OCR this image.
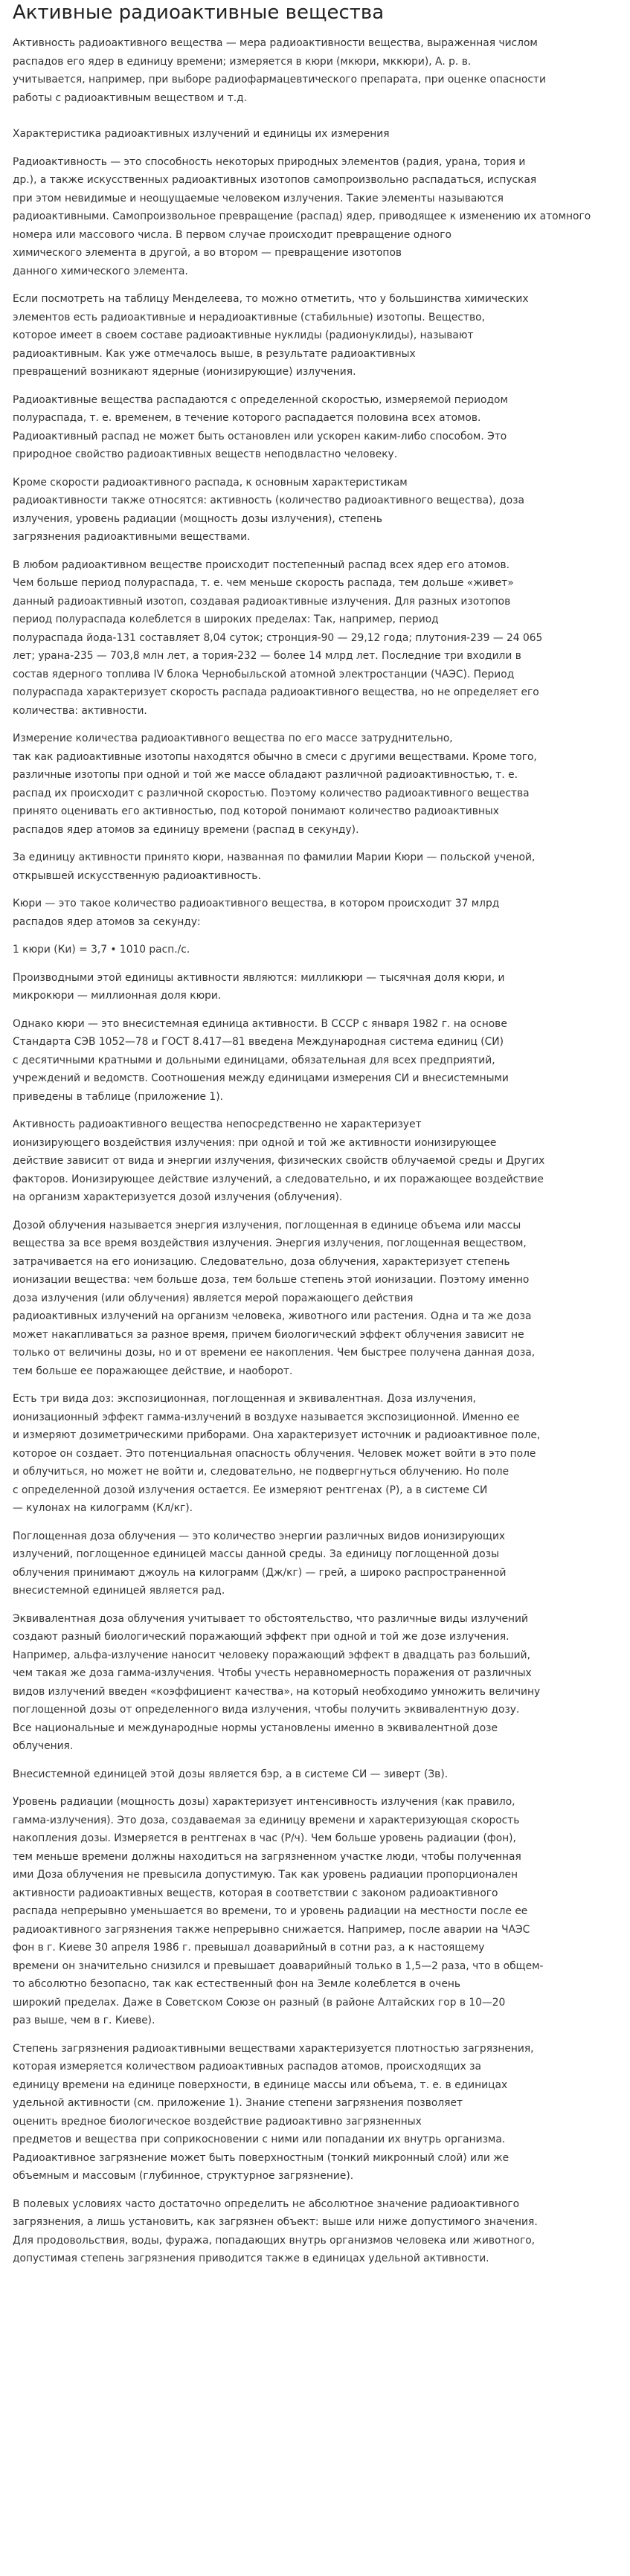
Активные радиоактивные вещества

Активность радиоактивного вещества — мера радиоактивности вещества, выраженная числом
распадов его ядер в единицу времени; измеряется в кюри (мкюри, мккюри), А. р. в.
учитывается, например, при выборе радиофармацевтического препарата, при оценке опасности
работы с радиоактивным веществом и т.д.

Характеристика радиоактивных излучений и единицы их измерения

Радиоактивность — это способность некоторых природных элементов (радия, урана, тория и
др.), а также искусственных радиоактивных изотопов самопроизвольно распадаться, испуская
при этом невидимые и неощущаемые человеком излучения. Такие элементы называются
радиоактивными. Самопроизвольное превращение (распад) ядер, приводящее к изменению их атомного
номера или массового числа. В первом случае происходит превращение одного
химического элемента в другой, а во втором — превращение изотопов
данного химического элемента.

Если посмотреть на таблицу Менделеева, то можно отметить, что у большинства химических
элементов есть радиоактивные и нерадиоактивные (стабильные) изотопы. Вещество,
которое имеет в своем составе радиоактивные нуклиды (радионуклиды), называют
радиоактивным. Как уже отмечалось выше, в результате радиоактивных
превращений возникают ядерные (ионизирующие) излучения.

Радиоактивные вещества распадаются с определенной скоростью, измеряемой периодом
полураспада, т. е. временем, в течение которого распадается половина всех атомов.
Радиоактивный распад не может быть остановлен или ускорен каким-либо способом. Это
природное свойство радиоактивных веществ неподвластно человеку.

Кроме скорости радиоактивного распада, к основным характеристикам
радиоактивности также относятся: активность (количество радиоактивного вещества), доза
излучения, уровень радиации (мощность дозы излучения), степень
загрязнения радиоактивными веществами.

В любом радиоактивном веществе происходит постепенный распад всех ядер его атомов.
Чем больше период полураспада, т. е. чем меньше скорость распада, тем дольше «живет»
данный радиоактивный изотоп, создавая радиоактивные излучения. Для разных изотопов
период полураспада колеблется в широких пределах: Так, например, период
полураспада йода-131 составляет 8,04 суток; стронция-90 — 29,12 года; плутония-239 — 24 065
лет; урана-235 — 703,8 млн лет, а тория-232 — более 14 млрд лет. Последние три входили в
состав ядерного топлива IV блока Чернобыльской атомной электростанции (ЧАЭС). Период
полураспада характеризует скорость распада радиоактивного вещества, но не определяет его
количества: активности.

Измерение количества радиоактивного вещества по его массе затруднительно,
так как радиоактивные изотопы находятся обычно в смеси с другими веществами. Кроме того,
различные изотопы при одной и той же массе обладают различной радиоактивностью, т. е.
распад их происходит с различной скоростью. Поэтому количество радиоактивного вещества
принято оценивать его активностью, под которой понимают количество радиоактивных
распадов ядер атомов за единицу времени (распад в секунду).

За единицу активности принято кюри, названная по фамилии Марии Кюри — польской ученой,
открывшей искусственную радиоактивность.

Кюри — это такое количество радиоактивного вещества, в котором происходит 37 млрд
распадов ядер атомов за секунду:

1 кюри (Ки) = 3,7 • 1010 расп./с.

Производными этой единицы активности являются: милликюри — тысячная доля кюри, и
микрокюри — миллионная доля кюри.

Однако кюри — это внесистемная единица активности. В СССР с января 1982 г. на основе
Стандарта СЭВ 1052—78 и ГОСТ 8.417—81 введена Международная система единиц (СИ)
с десятичными кратными и дольными единицами, обязательная для всех предприятий,
учреждений и ведомств. Соотношения между единицами измерения СИ и внесистемными
приведены в таблице (приложение 1).

Активность радиоактивного вещества непосредственно не характеризует
ионизирующего воздействия излучения: при одной и той же активности ионизирующее
действие зависит от вида и энергии излучения, физических свойств облучаемой среды и Других
факторов. Ионизирующее действие излучений, а следовательно, и их поражающее воздействие
на организм характеризуется дозой излучения (облучения).

Дозой облучения называется энергия излучения, поглощенная в единице объема или массы
вещества за все время воздействия излучения. Энергия излучения, поглощенная веществом,
затрачивается на его ионизацию. Следовательно, доза облучения, характеризует степень
ионизации вещества: чем больше доза, тем больше степень этой ионизации. Поэтому именно
доза излучения (или облучения) является мерой поражающего действия
радиоактивных излучений на организм человека, животного или растения. Одна и та же доза
может накапливаться за разное время, причем биологический эффект облучения зависит не
только от величины дозы, но и от времени ее накопления. Чем быстрее получена данная доза,
тем больше ее поражающее действие, и наоборот.

Есть три вида доз: экспозиционная, поглощенная и эквивалентная. Доза излучения,
ионизационный эффект гамма-излучений в воздухе называется экспозиционной. Именно ее
и измеряют дозиметрическими приборами. Она характеризует источник и радиоактивное поле,
которое он создает. Это потенциальная опасность облучения. Человек может войти в это поле
и облучиться, но может не войти и, следовательно, не подвергнуться облучению. Но поле
с определенной дозой излучения остается. Ее измеряют рентгенах (Р), а в системе СИ
— кулонах на килограмм (Кл/кг).

Поглощенная доза облучения — это количество энергии различных видов ионизирующих
излучений, поглощенное единицей массы данной среды. За единицу поглощенной дозы
облучения принимают джоуль на килограмм (Дж/кг) — грей, а широко распространенной
внесистемной единицей является рад.

Эквивалентная доза облучения учитывает то обстоятельство, что различные виды излучений
создают разный биологический поражающий эффект при одной и той же дозе излучения.
Например, альфа-излучение наносит человеку поражающий эффект в двадцать раз больший,
чем такая же доза гамма-излучения. Чтобы учесть неравномерность поражения от различных
видов излучений введен «коэффициент качества», на который необходимо умножить величину
поглощенной дозы от определенного вида излучения, чтобы получить эквивалентную дозу.
Все национальные и международные нормы установлены именно в эквивалентной дозе
облучения.

Внесистемной единицей этой дозы является бэр, а в системе СИ — зиверт (Зв).

Уровень радиации (мощность дозы) характеризует интенсивность излучения (как правило,
гамма-излучения). Это доза, создаваемая за единицу времени и характеризующая скорость
накопления дозы. Измеряется в рентгенах в час (Р/ч). Чем больше уровень радиации (фон),
тем меньше времени должны находиться на загрязненном участке люди, чтобы полученная
ими Доза облучения не превысила допустимую. Так как уровень радиации пропорционален
активности радиоактивных веществ, которая в соответствии с законом радиоактивного
распада непрерывно уменьшается во времени, то и уровень радиации на местности после ее
радиоактивного загрязнения также непрерывно снижается. Например, после аварии на ЧАЭС
фон в г. Киеве 30 апреля 1986 г. превышал доаварийный в сотни раз, а к настоящему
времени он значительно снизился и превышает доаварийный только в 1,5—2 раза, что в общем-
то абсолютно безопасно, так как естественный фон на Земле колеблется в очень
широкий пределах. Даже в Советском Союзе он разный (в районе Алтайских гор в 10—20
раз выше, чем в г. Киеве).

Степень загрязнения радиоактивными веществами характеризуется плотностью загрязнения,
которая измеряется количеством радиоактивных распадов атомов, происходящих за
единицу времени на единице поверхности, в единице массы или объема, т. е. в единицах
удельной активности (см. приложение 1). Знание степени загрязнения позволяет
оценить вредное биологическое воздействие радиоактивно загрязненных
предметов и вещества при соприкосновении с ними или попадании их внутрь организма.
Радиоактивное загрязнение может быть поверхностным (тонкий микронный слой) или же
объемным и массовым (глубинное, структурное загрязнение).

В полевых условиях часто достаточно определить не абсолютное значение радиоактивного
загрязнения, а лишь установить, как загрязнен объект: выше или ниже допустимого значения.
Для продовольствия, воды, фуража, попадающих внутрь организмов человека или животного,
допустимая степень загрязнения приводится также в единицах удельной активности.
